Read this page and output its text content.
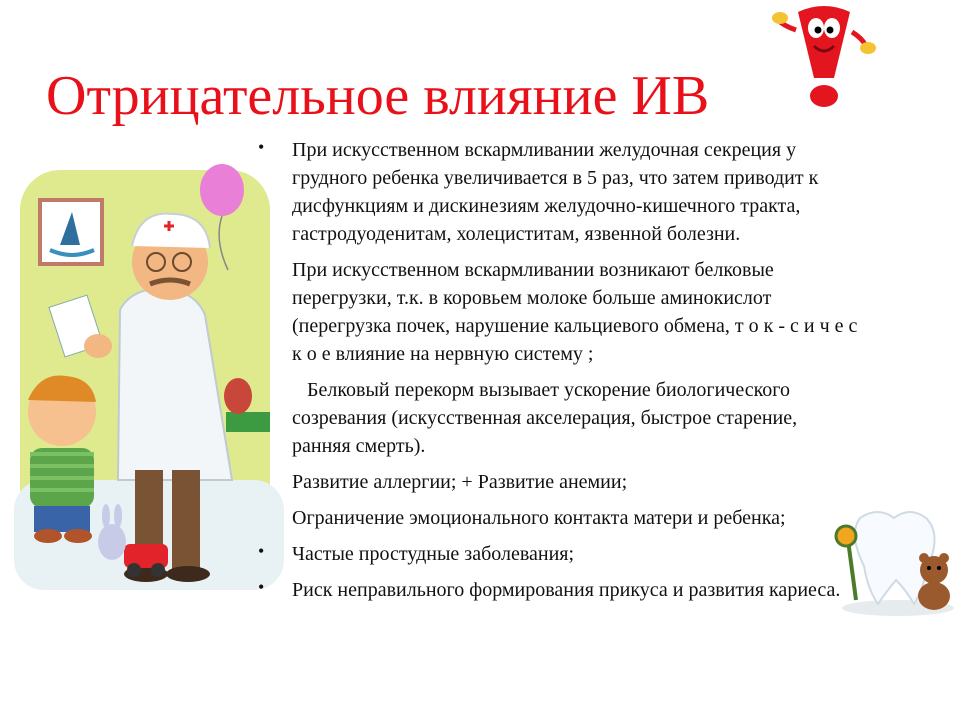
Отрицательное влияние ИВ
• При искусственном вскармливании желудочная секреция у грудного ребенка увеличивается в 5 раз, что затем приводит к дисфункциям и дискинезиям желудочно-кишечного тракта, гастродуоденитам, холециститам, язвенной болезни.
При искусственном вскармливании возникают белковые перегрузки, т.к. в коровьем молоке больше аминокислот (перегрузка почек, нарушение кальциевого обмена, т о к - с и ч е с к о е влияние на нервную систему ;
Белковый перекорм вызывает ускорение биологического созревания (искусственная акселерация, быстрое старение, ранняя смерть).
Развитие аллергии; + Развитие анемии;
Ограничение эмоционального контакта матери и ребенка;
• Частые простудные заболевания;
• Риск неправильного формирования прикуса и развития кариеса.
